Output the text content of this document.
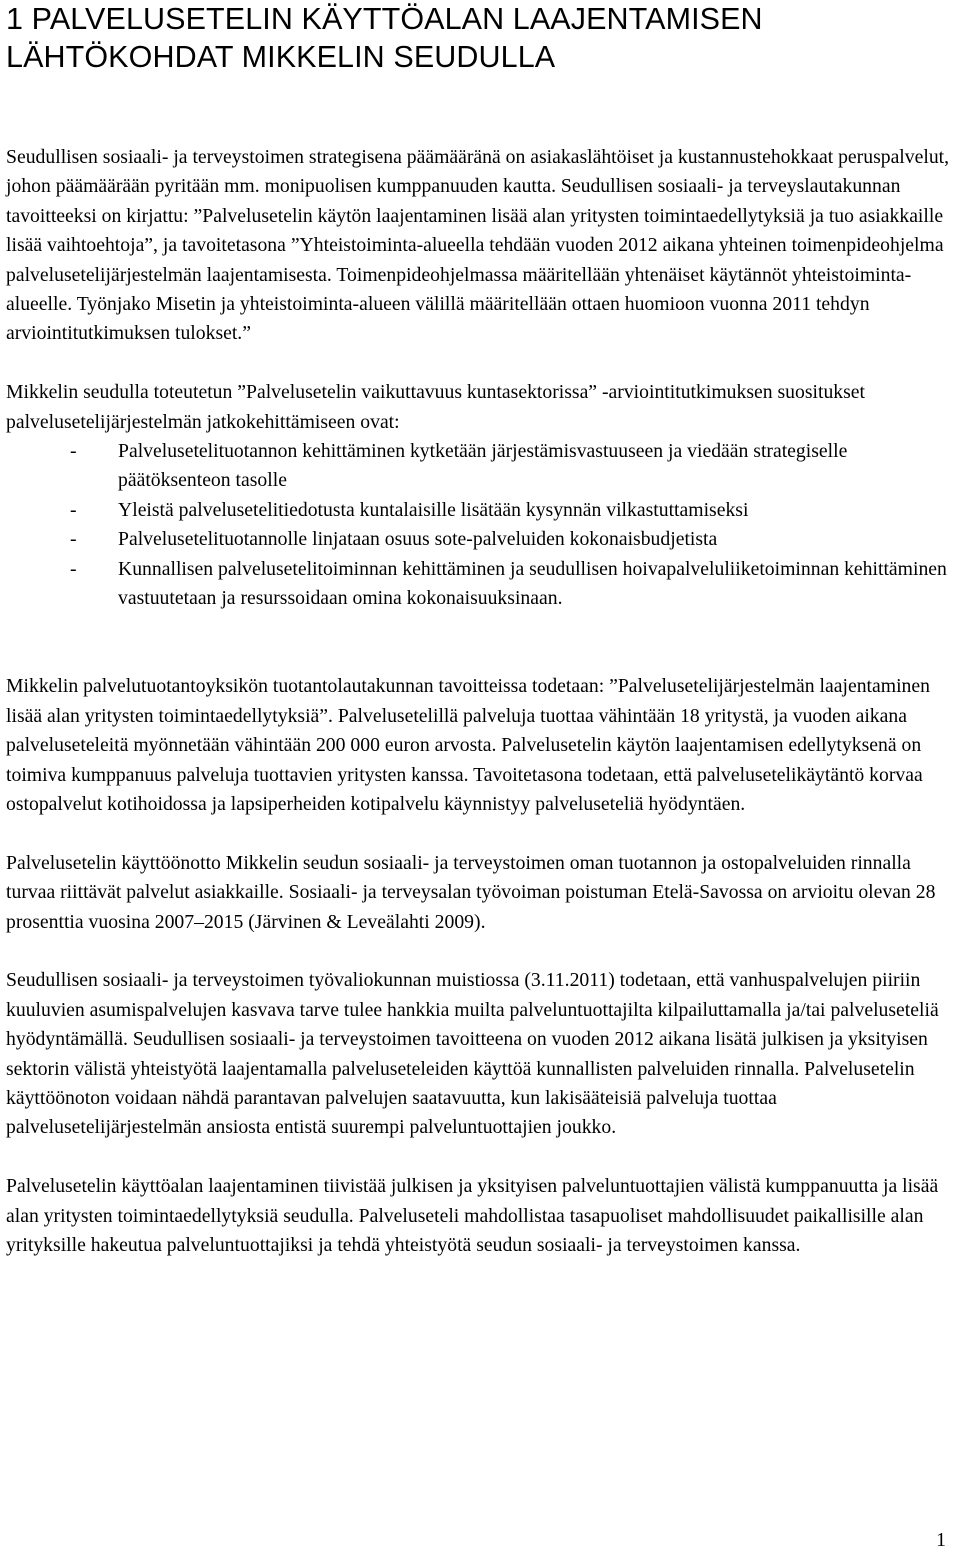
1 PALVELUSETELIN KÄYTTÖALAN LAAJENTAMISEN
LÄHTÖKOHDAT MIKKELIN SEUDULLA

Seudullisen sosiaali- ja terveystoimen strategisena päämääränä on asiakaslähtöiset ja kustannustehokkaat peruspalvelut, johon päämäärään pyritään mm. monipuolisen kumppanuuden kautta. Seudullisen sosiaali- ja terveyslautakunnan tavoitteeksi on kirjattu: ”Palvelusetelin käytön laajentaminen lisää alan yritysten toimintaedellytyksiä ja tuo asiakkaille lisää vaihtoehtoja”, ja tavoitetasona ”Yhteistoiminta-alueella tehdään vuoden 2012 aikana yhteinen toimenpideohjelma palvelusetelijärjestelmän laajentamisesta. Toimenpideohjelmassa määritellään yhtenäiset käytännöt yhteistoiminta-alueelle. Työnjako Misetin ja yhteistoiminta-alueen välillä määritellään ottaen huomioon vuonna 2011 tehdyn arviointitutkimuksen tulokset.”

Mikkelin seudulla toteutetun ”Palvelusetelin vaikuttavuus kuntasektorissa” -arviointitutkimuksen suositukset palvelusetelijärjestelmän jatkokehittämiseen ovat:

- Palvelusetelituotannon kehittäminen kytketään järjestämisvastuuseen ja viedään strategiselle päätöksenteon tasolle
- Yleistä palvelusetelitiedotusta kuntalaisille lisätään kysynnän vilkastuttamiseksi
- Palvelusetelituotannolle linjataan osuus sote-palveluiden kokonaisbudjetista
- Kunnallisen palvelusetelitoiminnan kehittäminen ja seudullisen hoivapalveluliiketoiminnan kehittäminen vastuutetaan ja resurssoidaan omina kokonaisuuksinaan.

Mikkelin palvelutuotantoyksikön tuotantolautakunnan tavoitteissa todetaan: ”Palvelusetelijärjestelmän laajentaminen lisää alan yritysten toimintaedellytyksiä”. Palvelusetelillä palveluja tuottaa vähintään 18 yritystä, ja vuoden aikana palveluseteleitä myönnetään vähintään 200 000 euron arvosta. Palvelusetelin käytön laajentamisen edellytyksenä on toimiva kumppanuus palveluja tuottavien yritysten kanssa. Tavoitetasona todetaan, että palvelusetelikäytäntö korvaa ostopalvelut kotihoidossa ja lapsiperheiden kotipalvelu käynnistyy palveluseteliä hyödyntäen.

Palvelusetelin käyttöönotto Mikkelin seudun sosiaali- ja terveystoimen oman tuotannon ja ostopalveluiden rinnalla turvaa riittävät palvelut asiakkaille. Sosiaali- ja terveysalan työvoiman poistuman Etelä-Savossa on arvioitu olevan 28 prosenttia vuosina 2007–2015 (Järvinen & Leveälahti 2009).

Seudullisen sosiaali- ja terveystoimen työvaliokunnan muistiossa (3.11.2011) todetaan, että vanhuspalvelujen piiriin kuuluvien asumispalvelujen kasvava tarve tulee hankkia muilta palveluntuottajilta kilpailuttamalla ja/tai palveluseteliä hyödyntämällä. Seudullisen sosiaali- ja terveystoimen tavoitteena on vuoden 2012 aikana lisätä julkisen ja yksityisen sektorin välistä yhteistyötä laajentamalla palveluseteleiden käyttöä kunnallisten palveluiden rinnalla. Palvelusetelin käyttöönoton voidaan nähdä parantavan palvelujen saatavuutta, kun lakisääteisiä palveluja tuottaa palvelusetelijärjestelmän ansiosta entistä suurempi palveluntuottajien joukko.

Palvelusetelin käyttöalan laajentaminen tiivistää julkisen ja yksityisen palveluntuottajien välistä kumppanuutta ja lisää alan yritysten toimintaedellytyksiä seudulla. Palveluseteli mahdollistaa tasapuoliset mahdollisuudet paikallisille alan yrityksille hakeutua palveluntuottajiksi ja tehdä yhteistyötä seudun sosiaali- ja terveystoimen kanssa.

1
